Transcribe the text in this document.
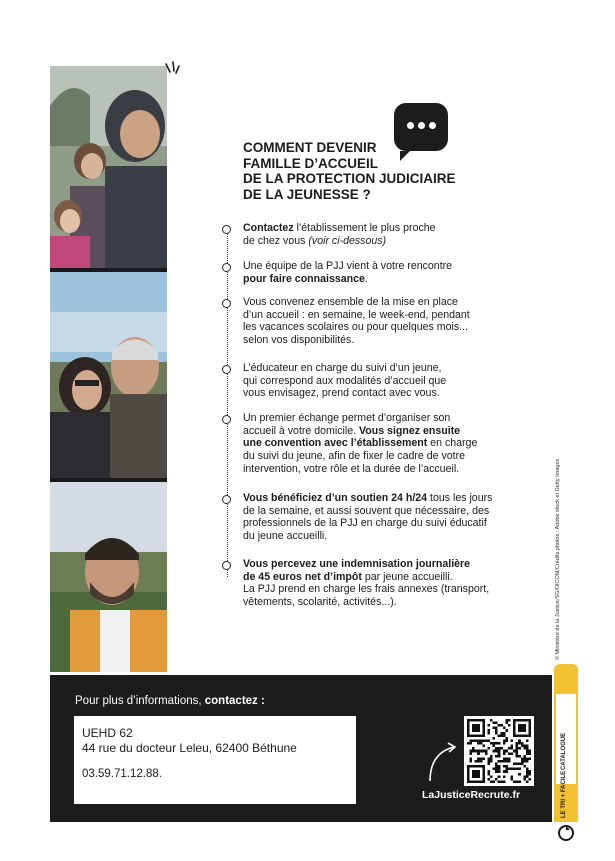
COMMENT DEVENIR
FAMILLE D’ACCUEIL
DE LA PROTECTION JUDICIAIRE
DE LA JEUNESSE ?
Contactez l’établissement le plus proche
de chez vous (voir ci-dessous)
Une équipe de la PJJ vient à votre rencontre
pour faire connaissance.
Vous convenez ensemble de la mise en place
d’un accueil : en semaine, le week-end, pendant
les vacances scolaires ou pour quelques mois...
selon vos disponibilités.
L’éducateur en charge du suivi d’un jeune,
qui correspond aux modalités d’accueil que
vous envisagez, prend contact avec vous.
Un premier échange permet d’organiser son
accueil à votre domicile. Vous signez ensuite
une convention avec l’établissement en charge
du suivi du jeune, afin de fixer le cadre de votre
intervention, votre rôle et la durée de l’accueil.
Vous bénéficiez d’un soutien 24 h/24 tous les jours
de la semaine, et aussi souvent que nécessaire, des
professionnels de la PJJ en charge du suivi éducatif
du jeune accueilli.
Vous percevez une indemnisation journalière
de 45 euros net d’impôt par jeune accueilli.
La PJJ prend en charge les frais annexes (transport,
vêtements, scolarité, activités...).	© Ministère de la Justice/SG/DICOM/Crédits photos : Adobe stock et Getty Images
Pour plus d’informations, contactez :
UEHD 62
44 rue du docteur Leleu, 62400 Béthune
03.59.71.12.88.
LaJusticeRecrute.fr
CATALOGUE
LE TRI + FACILE
